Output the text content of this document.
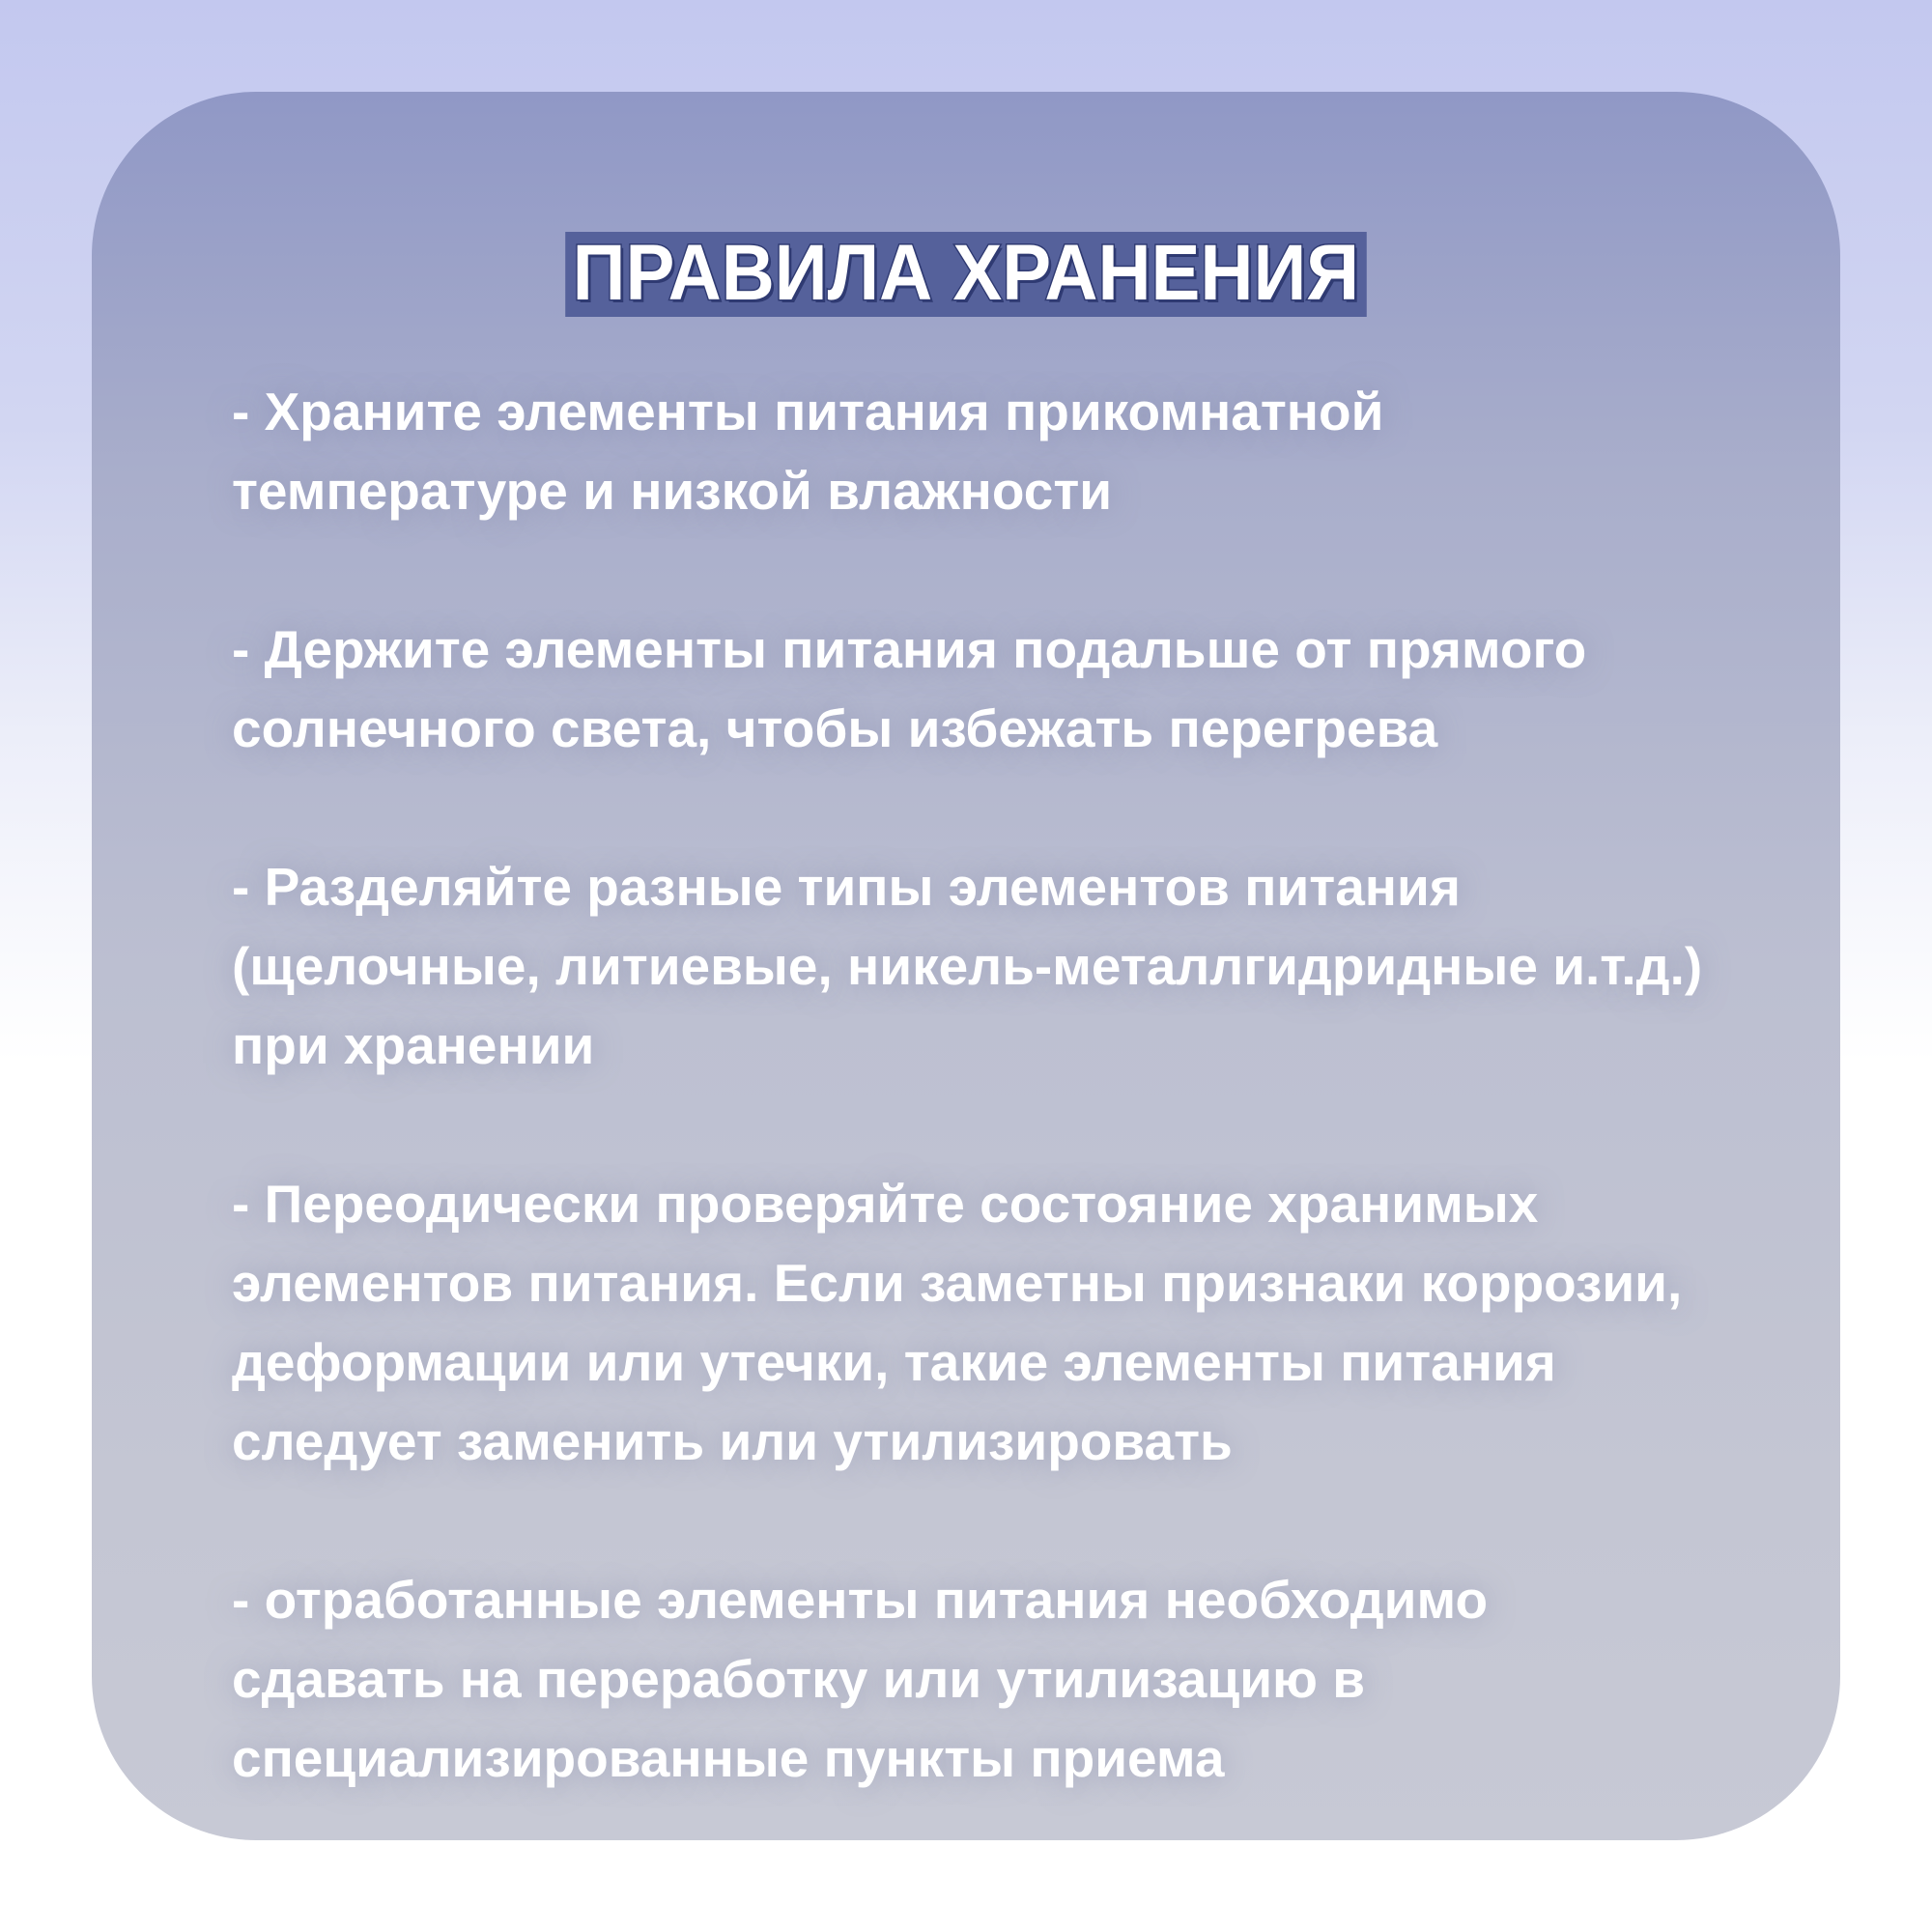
ПРАВИЛА ХРАНЕНИЯ
- Храните элементы питания прикомнатной
температуре и низкой влажности
- Держите элементы питания подальше от прямого
солнечного света, чтобы избежать перегрева
- Разделяйте разные типы элементов питания
(щелочные, литиевые, никель-металлгидридные и.т.д.)
при хранении
- Переодически проверяйте состояние хранимых
элементов питания. Если заметны признаки коррозии,
деформации или утечки, такие элементы питания
следует заменить или утилизировать
- отработанные элементы питания необходимо
сдавать на переработку или утилизацию в
специализированные пункты приема
